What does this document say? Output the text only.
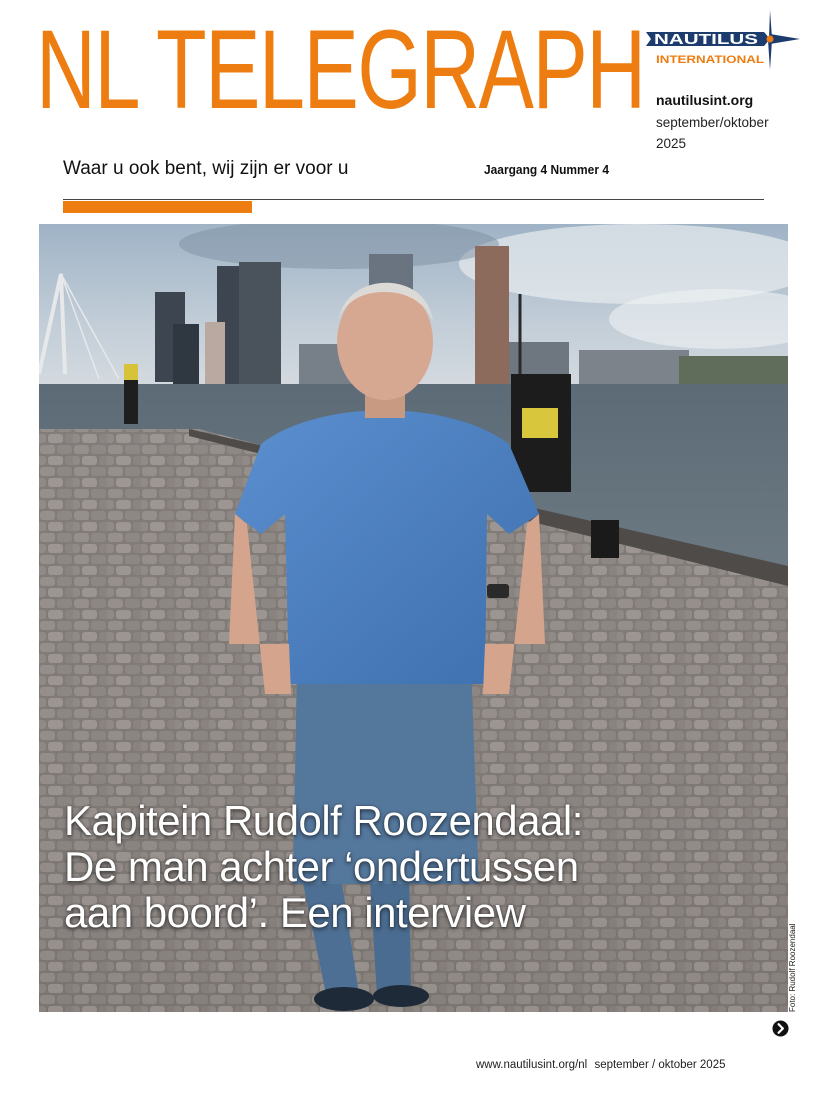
NL TELEGRAPH NAUTILUS
INTERNATIONAL
nautilusint.org
september/oktober 2025
Waar u ook bent, wij zijn er voor u	Jaargang 4 Nummer 4
Kapitein Rudolf Roozendaal:
De man achter ‘ondertussen
aan boord’. Een interview
Foto: Rudolf Roozendaal
www.nautilusint.org/nl september / oktober 2025
